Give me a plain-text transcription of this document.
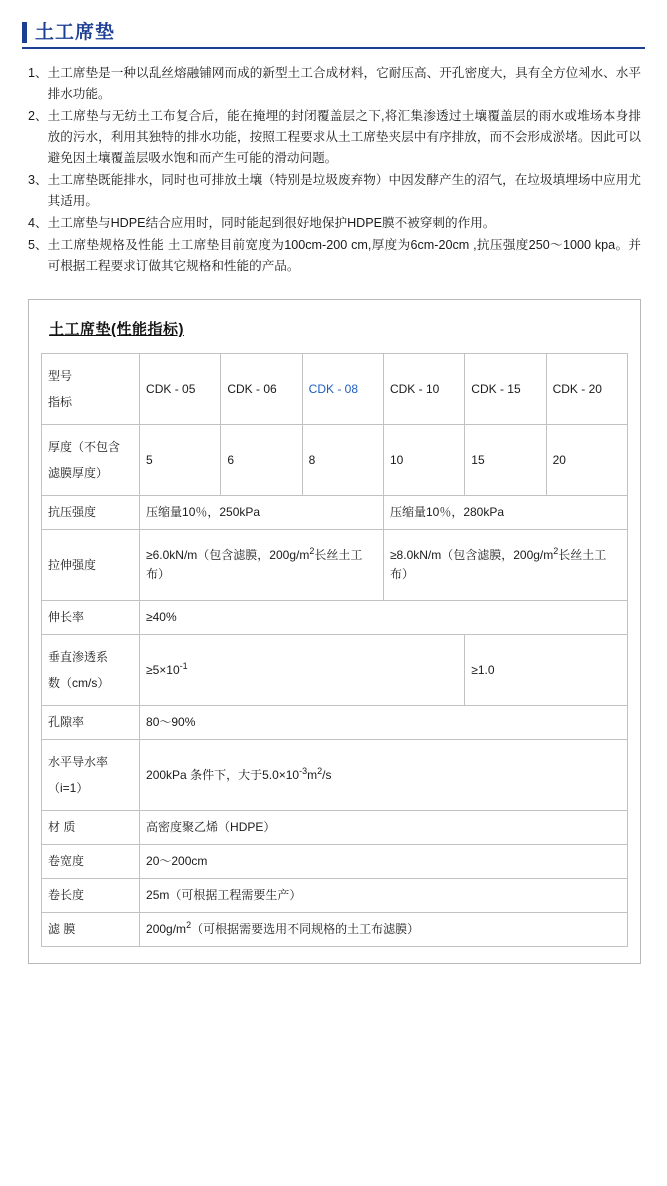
土工席垫
1、 土工席垫是一种以乱丝熔融铺网而成的新型土工合成材料，它耐压高、开孔密度大，具有全方位체水、水平排水功能。
2、 土工席垫与无纺土工布复合后，能在掩埋的封闭覆盖层之下,将汇集渗透过土壤覆盖层的雨水或堆场本身排放的污水，利用其独特的排水功能，按照工程要求从土工席垫夹层中有序排放，而不会形成淤堵。因此可以避免因土壤覆盖层吸水饱和而产生可能的滑动问题。
3、 土工席垫既能排水，同时也可排放土壤（特别是垃圾废弃物）中因发酵产生的沼气，在垃圾填埋场中应用尤其适用。
4、 土工席垫与HDPE结合应用时，同时能起到很好地保护HDPE膜不被穿刺的作用。
5、 土工席垫规格及性能 土工席垫目前宽度为100cm-200 cm,厚度为6cm-20cm ,抗压强度250～1000 kpa。并可根据工程要求订做其它规格和性能的产品。
土工席垫(性能指标)
型号
指标	CDK - 05	CDK - 06	CDK - 08	CDK - 10	CDK - 15	CDK - 20

厚度（不包含
滤膜厚度）	5	6	8	10	15	20
抗压强度	压缩量10％，250kPa			压缩量10％，280kPa		
拉伸强度	≥6.0kN/m（包含滤膜，$200g/m^2$长丝土工布）			≥8.0kN/m（包含滤膜，$200g/m^2$长丝土工布）		
伸长率	≥40%					

垂直渗透系
数（cm/s）	$\ge 5\times 10^{-1}$				≥1.0	
孔隙率	80～90%					

水平导水率
（i=1）	200kPa 条件下，大于$5.0\times 10^{-3}m^2/s$					
材 质	高密度聚乙烯（HDPE）					
卷宽度	20～200cm					
卷长度	25m（可根据工程需要生产）					
滤 膜	$200g/m^2$（可根据需要选用不同规格的土工布滤膜）					
